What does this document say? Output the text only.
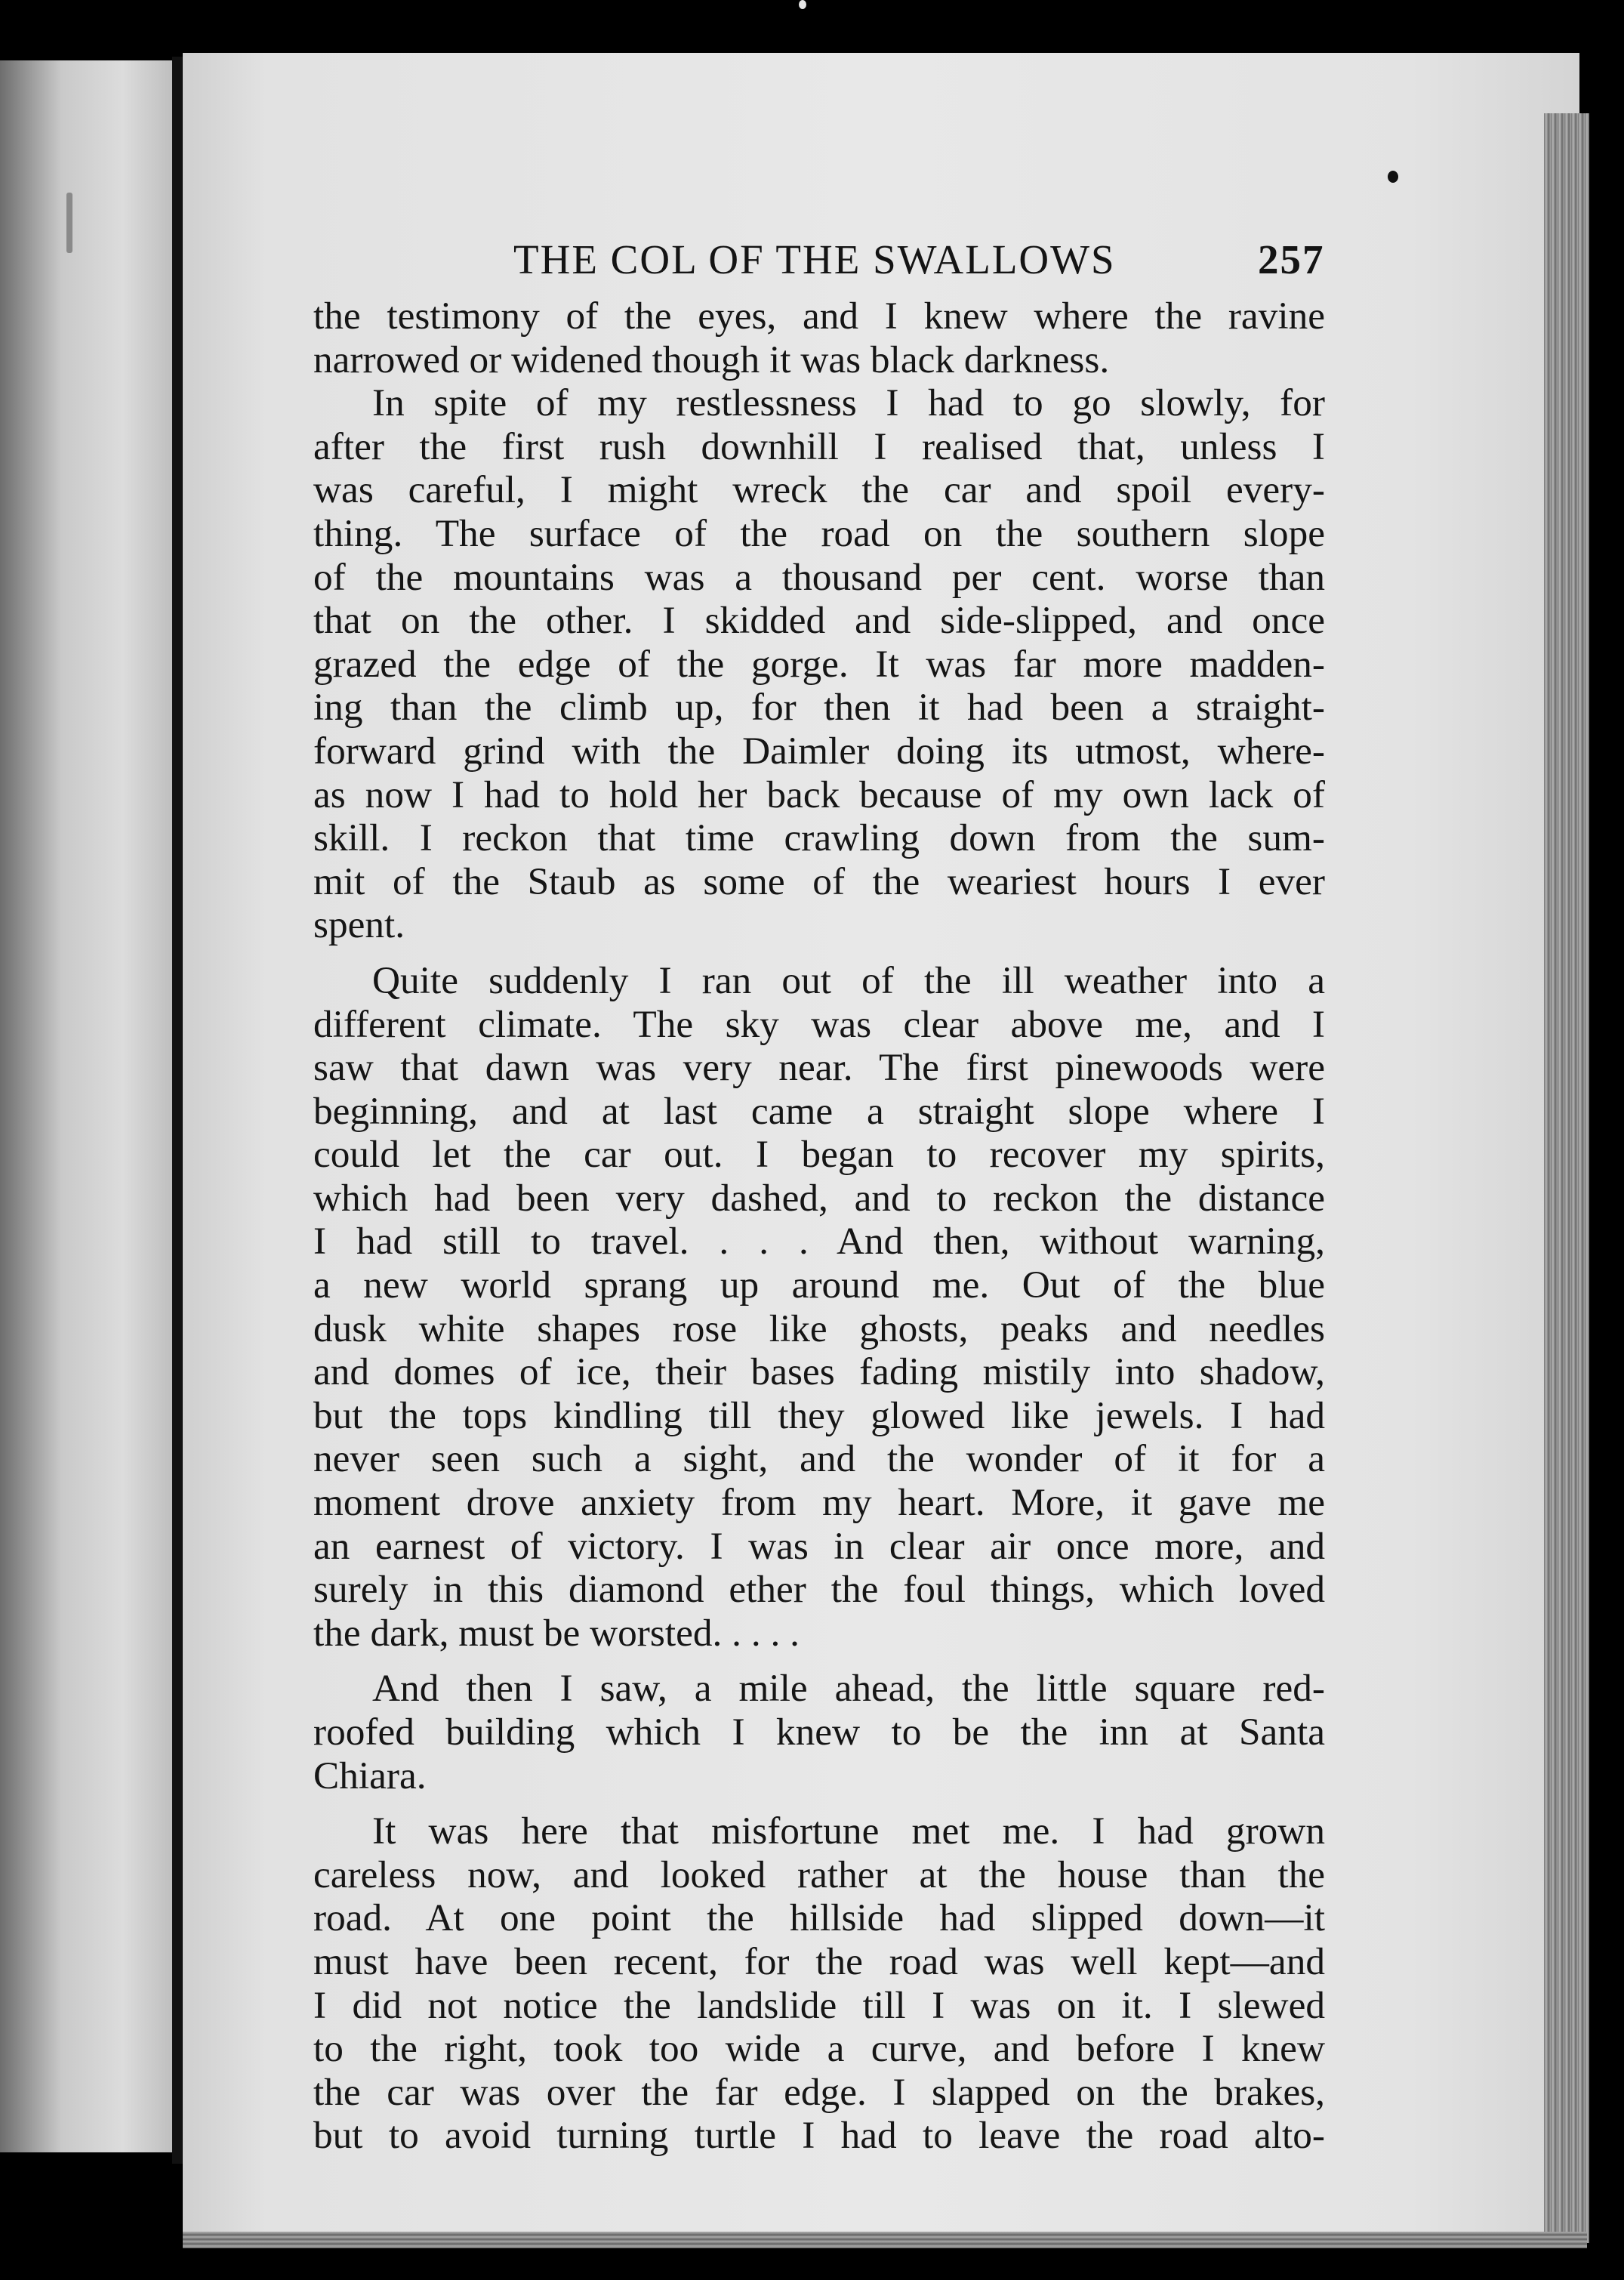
THE COL OF THE SWALLOWS	257
the testimony of the eyes, and I knew where the ravine
narrowed or widened though it was black darkness.
In spite of my restlessness I had to go slowly, for
after the first rush downhill I realised that, unless I
was careful, I might wreck the car and spoil every-
thing. The surface of the road on the southern slope
of the mountains was a thousand per cent. worse than
that on the other. I skidded and side-slipped, and once
grazed the edge of the gorge. It was far more madden-
ing than the climb up, for then it had been a straight-
forward grind with the Daimler doing its utmost, where-
as now I had to hold her back because of my own lack of
skill. I reckon that time crawling down from the sum-
mit of the Staub as some of the weariest hours I ever
spent.
Quite suddenly I ran out of the ill weather into a
different climate. The sky was clear above me, and I
saw that dawn was very near. The first pinewoods were
beginning, and at last came a straight slope where I
could let the car out. I began to recover my spirits,
which had been very dashed, and to reckon the distance
I had still to travel. . . . And then, without warning,
a new world sprang up around me. Out of the blue
dusk white shapes rose like ghosts, peaks and needles
and domes of ice, their bases fading mistily into shadow,
but the tops kindling till they glowed like jewels. I had
never seen such a sight, and the wonder of it for a
moment drove anxiety from my heart. More, it gave me
an earnest of victory. I was in clear air once more, and
surely in this diamond ether the foul things, which loved
the dark, must be worsted. . . . .
And then I saw, a mile ahead, the little square red-
roofed building which I knew to be the inn at Santa
Chiara.
It was here that misfortune met me. I had grown
careless now, and looked rather at the house than the
road. At one point the hillside had slipped down—it
must have been recent, for the road was well kept—and
I did not notice the landslide till I was on it. I slewed
to the right, took too wide a curve, and before I knew
the car was over the far edge. I slapped on the brakes,
but to avoid turning turtle I had to leave the road alto-
